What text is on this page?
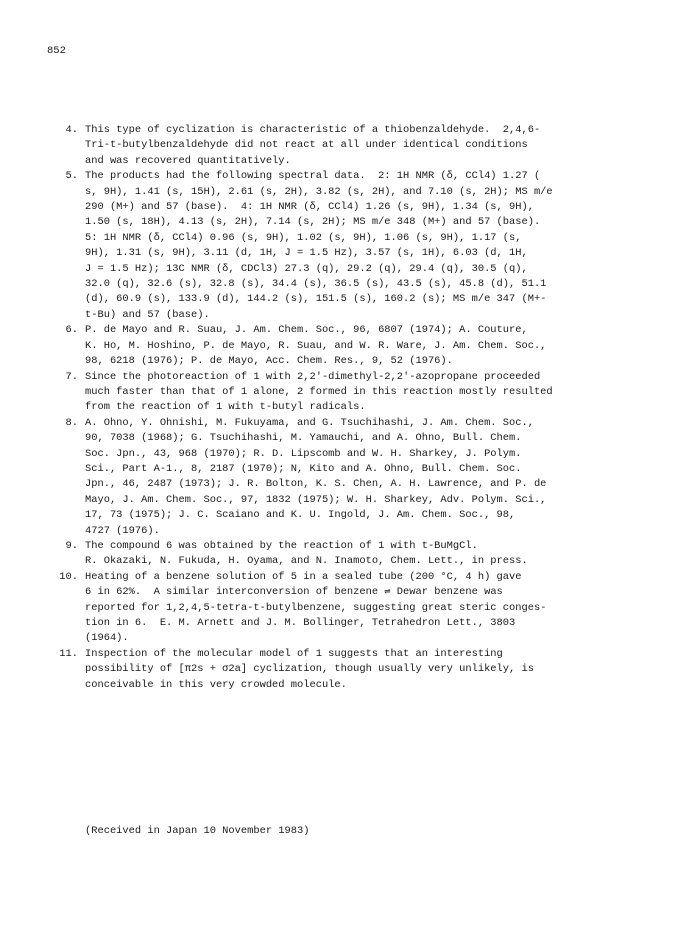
852
4. This type of cyclization is characteristic of a thiobenzaldehyde.  2,4,6-
Tri-t-butylbenzaldehyde did not react at all under identical conditions
and was recovered quantitatively.
5. The products had the following spectral data.  2: 1H NMR (δ, CCl4) 1.27 (
s, 9H), 1.41 (s, 15H), 2.61 (s, 2H), 3.82 (s, 2H), and 7.10 (s, 2H); MS m/e
290 (M+) and 57 (base).  4: 1H NMR (δ, CCl4) 1.26 (s, 9H), 1.34 (s, 9H),
1.50 (s, 18H), 4.13 (s, 2H), 7.14 (s, 2H); MS m/e 348 (M+) and 57 (base).
5: 1H NMR (δ, CCl4) 0.96 (s, 9H), 1.02 (s, 9H), 1.06 (s, 9H), 1.17 (s,
9H), 1.31 (s, 9H), 3.11 (d, 1H, J = 1.5 Hz), 3.57 (s, 1H), 6.03 (d, 1H,
J = 1.5 Hz); 13C NMR (δ, CDCl3) 27.3 (q), 29.2 (q), 29.4 (q), 30.5 (q),
32.0 (q), 32.6 (s), 32.8 (s), 34.4 (s), 36.5 (s), 43.5 (s), 45.8 (d), 51.1
(d), 60.9 (s), 133.9 (d), 144.2 (s), 151.5 (s), 160.2 (s); MS m/e 347 (M+-
t-Bu) and 57 (base).
6. P. de Mayo and R. Suau, J. Am. Chem. Soc., 96, 6807 (1974); A. Couture,
K. Ho, M. Hoshino, P. de Mayo, R. Suau, and W. R. Ware, J. Am. Chem. Soc.,
98, 6218 (1976); P. de Mayo, Acc. Chem. Res., 9, 52 (1976).
7. Since the photoreaction of 1 with 2,2'-dimethyl-2,2'-azopropane proceeded
much faster than that of 1 alone, 2 formed in this reaction mostly resulted
from the reaction of 1 with t-butyl radicals.
8. A. Ohno, Y. Ohnishi, M. Fukuyama, and G. Tsuchihashi, J. Am. Chem. Soc.,
90, 7038 (1968); G. Tsuchihashi, M. Yamauchi, and A. Ohno, Bull. Chem.
Soc. Jpn., 43, 968 (1970); R. D. Lipscomb and W. H. Sharkey, J. Polym.
Sci., Part A-1., 8, 2187 (1970); N, Kito and A. Ohno, Bull. Chem. Soc.
Jpn., 46, 2487 (1973); J. R. Bolton, K. S. Chen, A. H. Lawrence, and P. de
Mayo, J. Am. Chem. Soc., 97, 1832 (1975); W. H. Sharkey, Adv. Polym. Sci.,
17, 73 (1975); J. C. Scaiano and K. U. Ingold, J. Am. Chem. Soc., 98,
4727 (1976).
9. The compound 6 was obtained by the reaction of 1 with t-BuMgCl.
R. Okazaki, N. Fukuda, H. Oyama, and N. Inamoto, Chem. Lett., in press.
10. Heating of a benzene solution of 5 in a sealed tube (200 °C, 4 h) gave
6 in 62%.  A similar interconversion of benzene ⇌ Dewar benzene was
reported for 1,2,4,5-tetra-t-butylbenzene, suggesting great steric conges-
tion in 6.  E. M. Arnett and J. M. Bollinger, Tetrahedron Lett., 3803
(1964).
11. Inspection of the molecular model of 1 suggests that an interesting
possibility of [π2s + σ2a] cyclization, though usually very unlikely, is
conceivable in this very crowded molecule.
(Received in Japan 10 November 1983)
